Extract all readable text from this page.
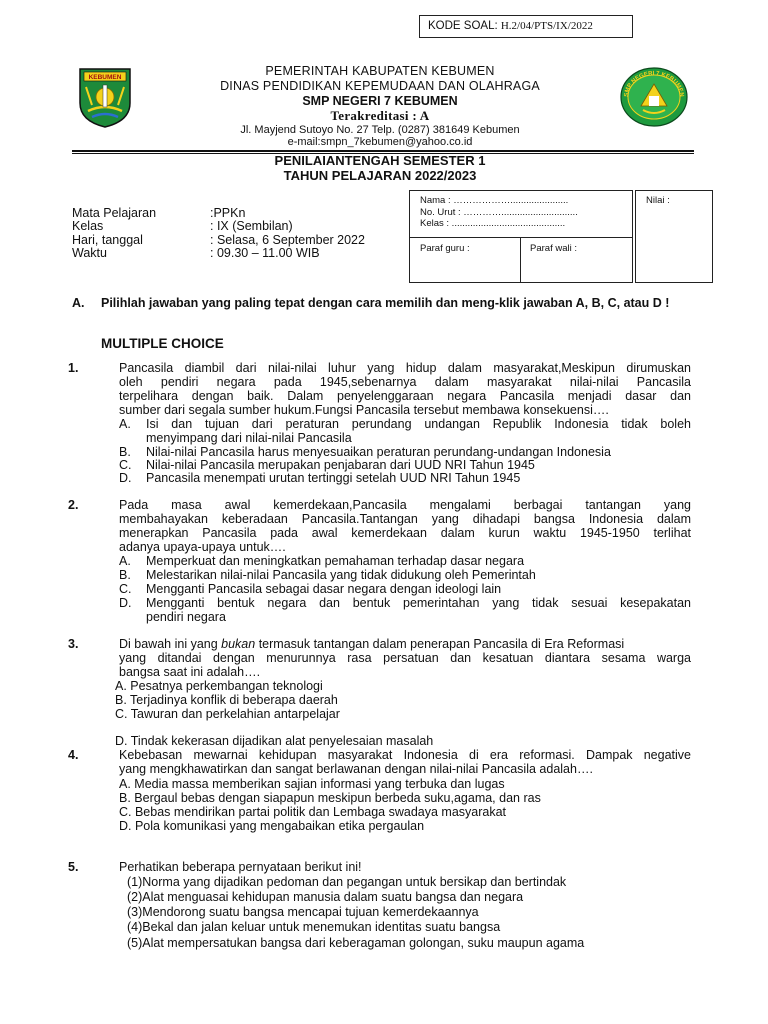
KODE SOAL: H.2/04/PTS/IX/2022
KEBUMEN
SMP NEGERI 7 KEBUMEN
PEMERINTAH KABUPATEN KEBUMEN
DINAS PENDIDIKAN KEPEMUDAAN DAN OLAHRAGA
SMP NEGERI 7 KEBUMEN
Terakreditasi : A
Jl. Mayjend Sutoyo No. 27 Telp. (0287) 381649 Kebumen
e-mail:smpn_7kebumen@yahoo.co.id
PENILAIANTENGAH SEMESTER 1
TAHUN PELAJARAN 2022/2023
Mata Pelajaran	:PPKn
Kelas	: IX (Sembilan)
Hari, tanggal	: Selasa, 6 September 2022
Waktu	: 09.30 – 11.00 WIB
Nama : ………………......................
No. Urut : ………….............................
Kelas : ...........................................
Paraf guru :	Paraf wali :
Nilai :
A. Pilihlah jawaban yang paling tepat dengan cara memilih dan meng-klik jawaban A, B, C, atau D !
MULTIPLE CHOICE
1.	Pancasila diambil dari nilai-nilai luhur yang hidup dalam masyarakat,Meskipun dirumuskan
oleh pendiri negara pada 1945,sebenarnya dalam masyarakat nilai-nilai Pancasila
terpelihara dengan baik. Dalam penyelenggaraan negara Pancasila menjadi dasar dan
sumber dari segala sumber hukum.Fungsi Pancasila tersebut membawa konsekuensi….
A. Isi dan tujuan dari peraturan perundang undangan Republik Indonesia tidak boleh
menyimpang dari nilai-nilai Pancasila
B. Nilai-nilai Pancasila harus menyesuaikan peraturan perundang-undangan Indonesia
C. Nilai-nilai Pancasila merupakan penjabaran dari UUD NRI Tahun 1945
D. Pancasila menempati urutan tertinggi setelah UUD NRI Tahun 1945
2.	Pada masa awal kemerdekaan,Pancasila mengalami berbagai tantangan yang
membahayakan keberadaan Pancasila.Tantangan yang dihadapi bangsa Indonesia dalam
menerapkan Pancasila pada awal kemerdekaan dalam kurun waktu 1945-1950 terlihat
adanya upaya-upaya untuk….
A. Memperkuat dan meningkatkan pemahaman terhadap dasar negara
B. Melestarikan nilai-nilai Pancasila yang tidak didukung oleh Pemerintah
C. Mengganti Pancasila sebagai dasar negara dengan ideologi lain
D. Mengganti bentuk negara dan bentuk pemerintahan yang tidak sesuai kesepakatan
pendiri negara
3.	Di bawah ini yang bukan termasuk tantangan dalam penerapan Pancasila di Era Reformasi
yang ditandai dengan menurunnya rasa persatuan dan kesatuan diantara sesama warga
bangsa saat ini adalah….
A. Pesatnya perkembangan teknologi
B. Terjadinya konflik di beberapa daerah
C. Tawuran dan perkelahian antarpelajar
D. Tindak kekerasan dijadikan alat penyelesaian masalah
4.	Kebebasan mewarnai kehidupan masyarakat Indonesia di era reformasi. Dampak negative
yang mengkhawatirkan dan sangat berlawanan dengan nilai-nilai Pancasila adalah….
A. Media massa memberikan sajian informasi yang terbuka dan lugas
B. Bergaul bebas dengan siapapun meskipun berbeda suku,agama, dan ras
C. Bebas mendirikan partai politik dan Lembaga swadaya masyarakat
D. Pola komunikasi yang mengabaikan etika pergaulan
5.	Perhatikan beberapa pernyataan berikut ini!
(1)Norma yang dijadikan pedoman dan pegangan untuk bersikap dan bertindak
(2)Alat menguasai kehidupan manusia dalam suatu bangsa dan negara
(3)Mendorong suatu bangsa mencapai tujuan kemerdekaannya
(4)Bekal dan jalan keluar untuk menemukan identitas suatu bangsa
(5)Alat mempersatukan bangsa dari keberagaman golongan, suku maupun agama
